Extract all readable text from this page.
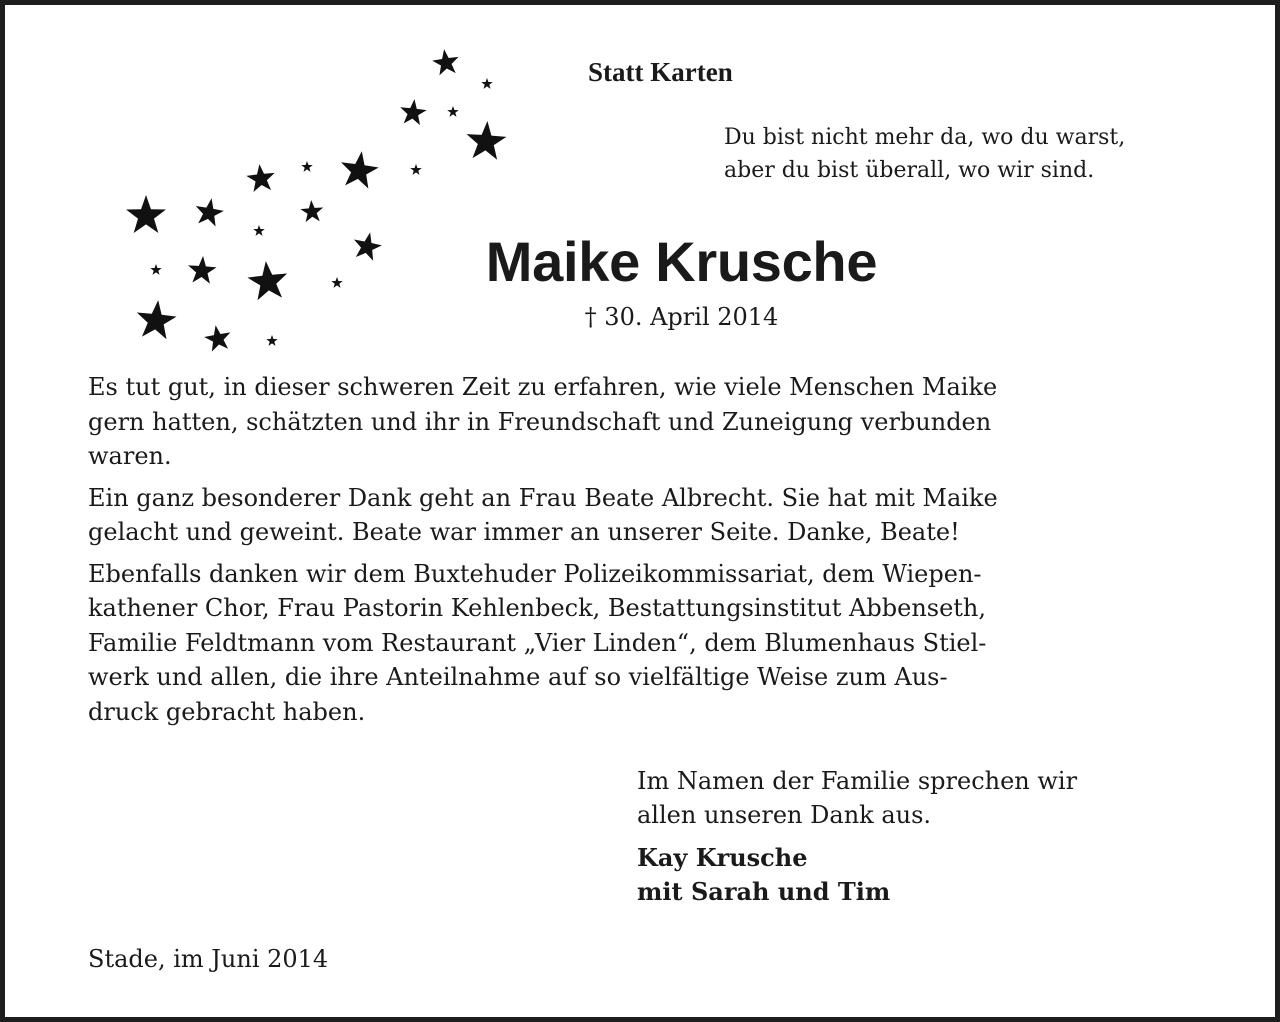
Statt Karten
Du bist nicht mehr da, wo du warst,
aber du bist überall, wo wir sind.
Maike Krusche
† 30. April 2014

Es tut gut, in dieser schweren Zeit zu erfahren, wie viele Menschen Maike
gern hatten, schätzten und ihr in Freundschaft und Zuneigung verbunden
waren.

Ein ganz besonderer Dank geht an Frau Beate Albrecht. Sie hat mit Maike
gelacht und geweint. Beate war immer an unserer Seite. Danke, Beate!

Ebenfalls danken wir dem Buxtehuder Polizeikommissariat, dem Wiepen-
kathener Chor, Frau Pastorin Kehlenbeck, Bestattungsinstitut Abbenseth,
Familie Feldtmann vom Restaurant „Vier Linden“, dem Blumenhaus Stiel-
werk und allen, die ihre Anteilnahme auf so vielfältige Weise zum Aus-
druck gebracht haben.

Im Namen der Familie sprechen wir
allen unseren Dank aus.
Kay Krusche
mit Sarah und Tim
Stade, im Juni 2014
